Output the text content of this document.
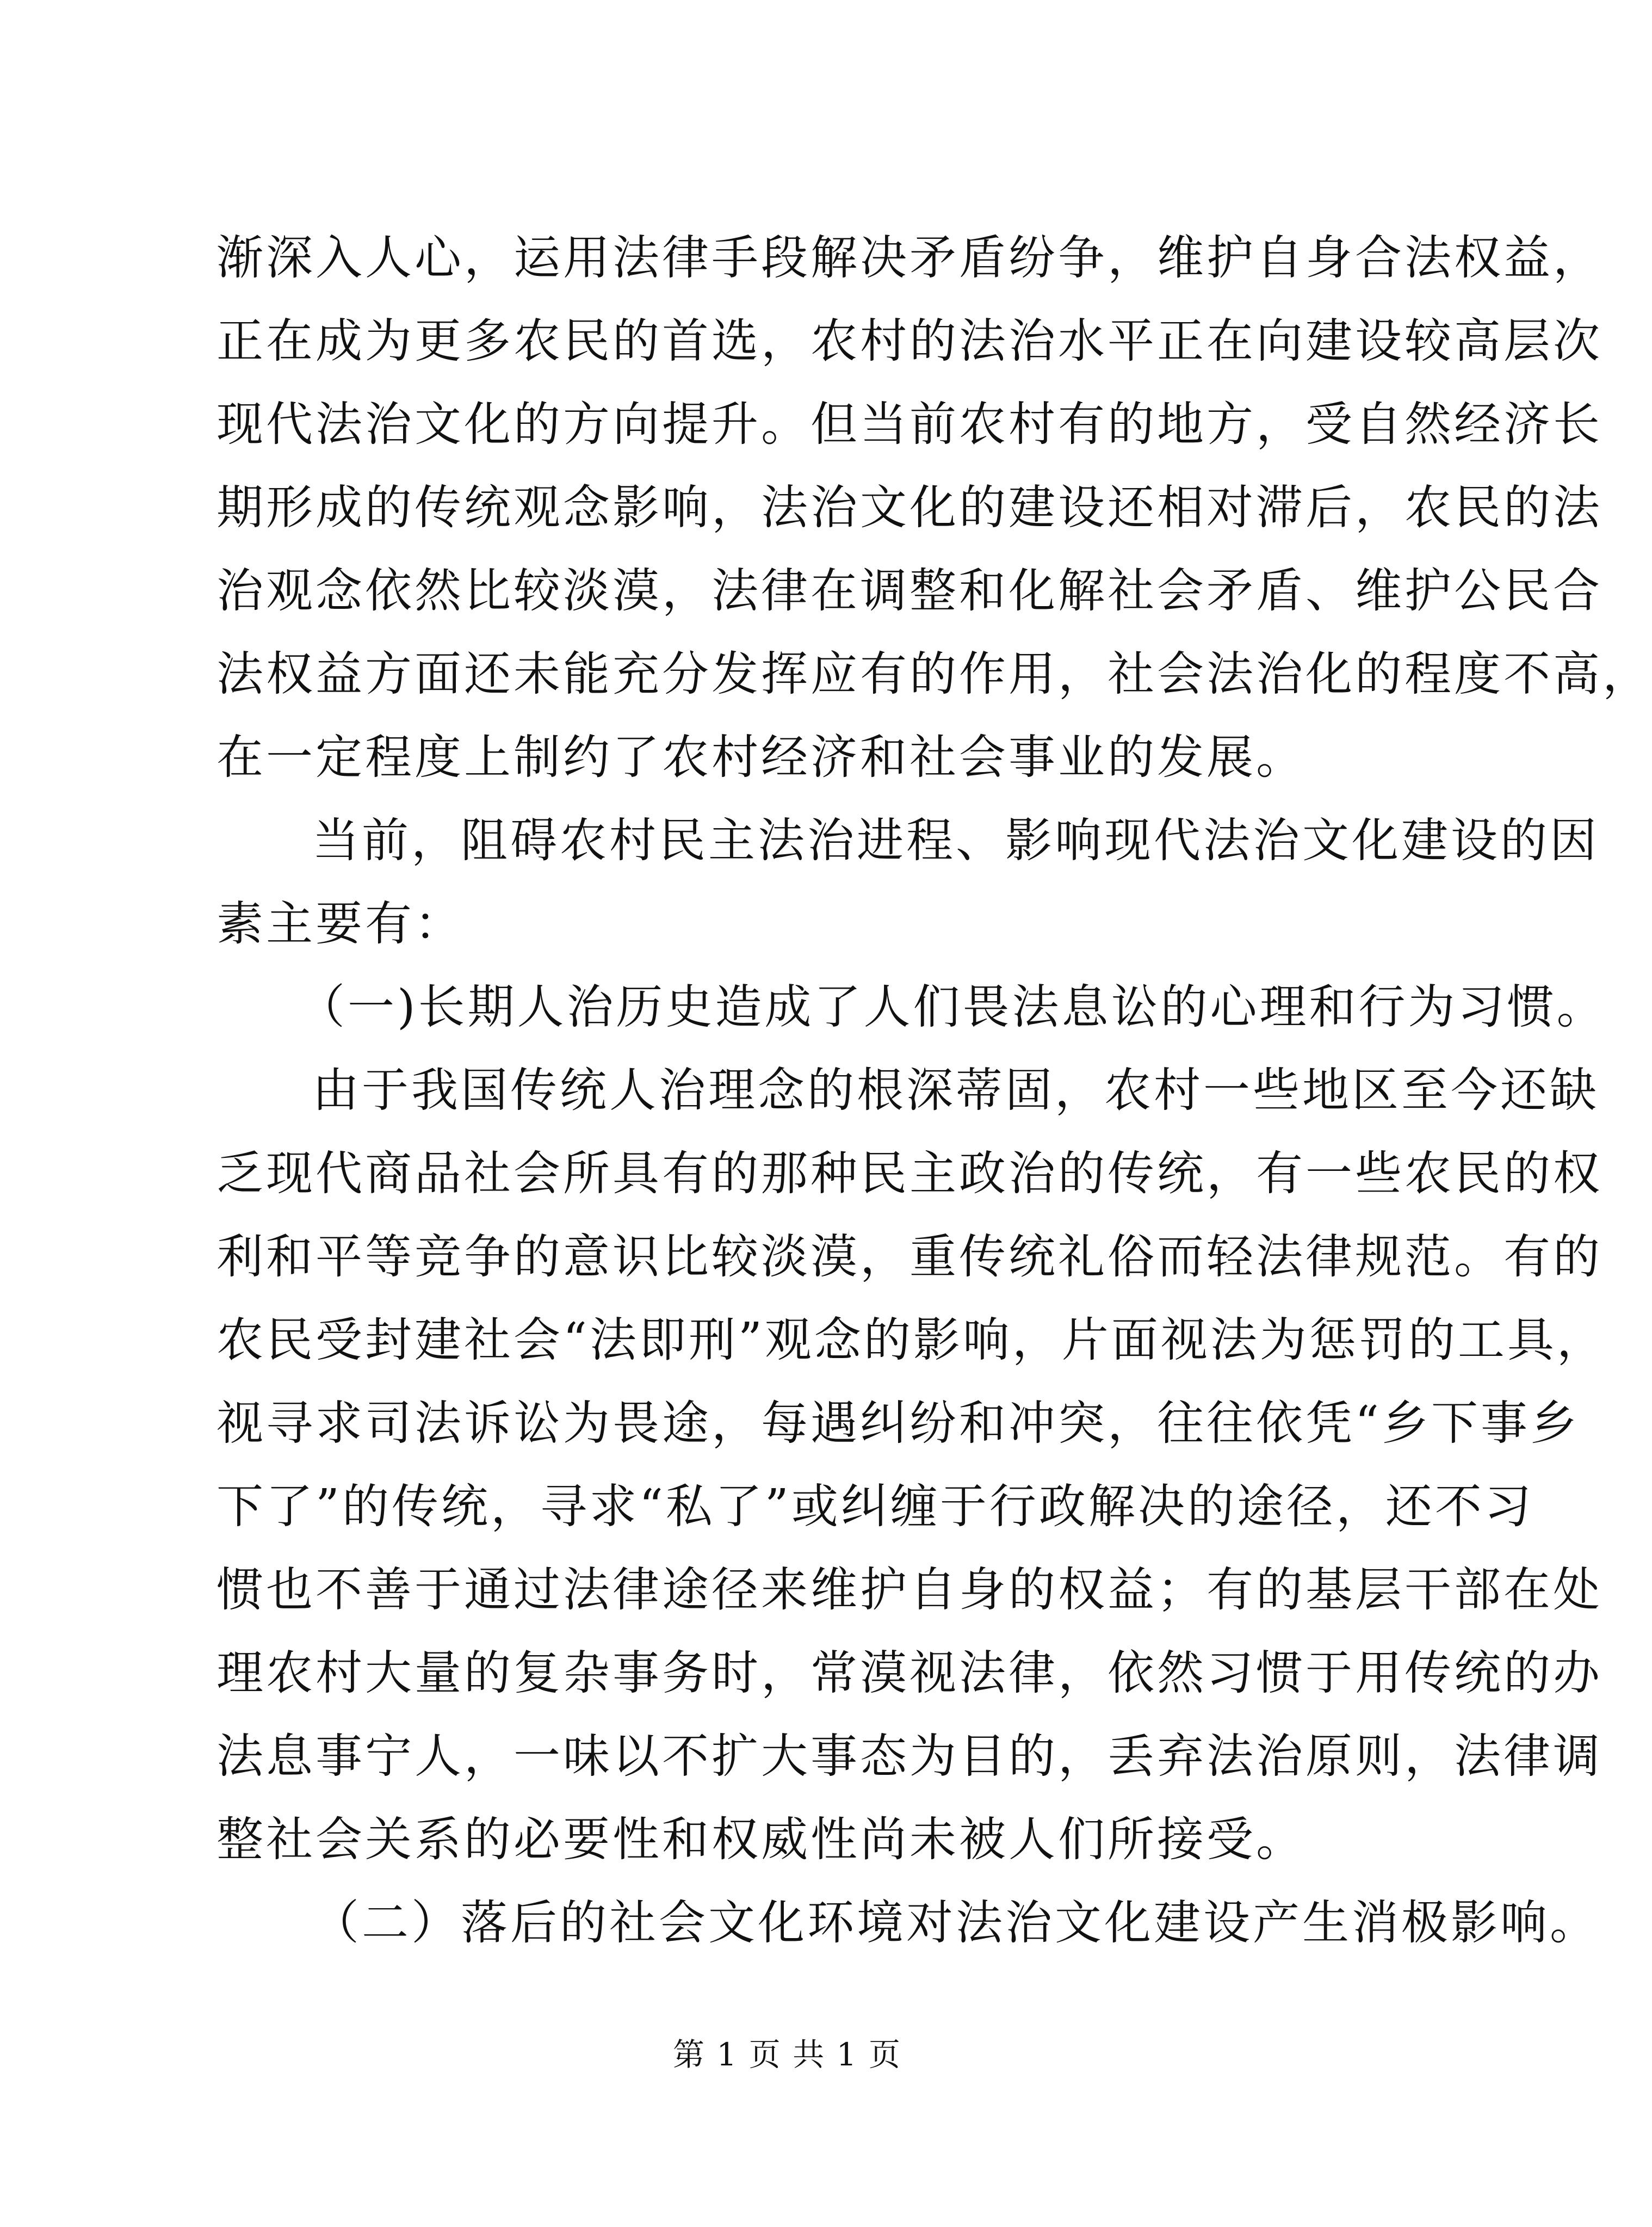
渐深入人心，运用法律手段解决矛盾纷争，维护自身合法权益，
正在成为更多农民的首选，农村的法治水平正在向建设较高层次
现代法治文化的方向提升。但当前农村有的地方，受自然经济长
期形成的传统观念影响，法治文化的建设还相对滞后，农民的法
治观念依然比较淡漠，法律在调整和化解社会矛盾、维护公民合
法权益方面还未能充分发挥应有的作用，社会法治化的程度不高，
在一定程度上制约了农村经济和社会事业的发展。
当前，阻碍农村民主法治进程、影响现代法治文化建设的因
素主要有：
（一)长期人治历史造成了人们畏法息讼的心理和行为习惯。
由于我国传统人治理念的根深蒂固，农村一些地区至今还缺
乏现代商品社会所具有的那种民主政治的传统，有一些农民的权
利和平等竞争的意识比较淡漠，重传统礼俗而轻法律规范。有的
农民受封建社会“法即刑”观念的影响，片面视法为惩罚的工具，
视寻求司法诉讼为畏途，每遇纠纷和冲突，往往依凭“乡下事乡
下了”的传统，寻求“私了”或纠缠于行政解决的途径，还不习
惯也不善于通过法律途径来维护自身的权益；有的基层干部在处
理农村大量的复杂事务时，常漠视法律，依然习惯于用传统的办
法息事宁人，一味以不扩大事态为目的，丢弃法治原则，法律调
整社会关系的必要性和权威性尚未被人们所接受。
（二）落后的社会文化环境对法治文化建设产生消极影响。
第 1 页 共 1 页
